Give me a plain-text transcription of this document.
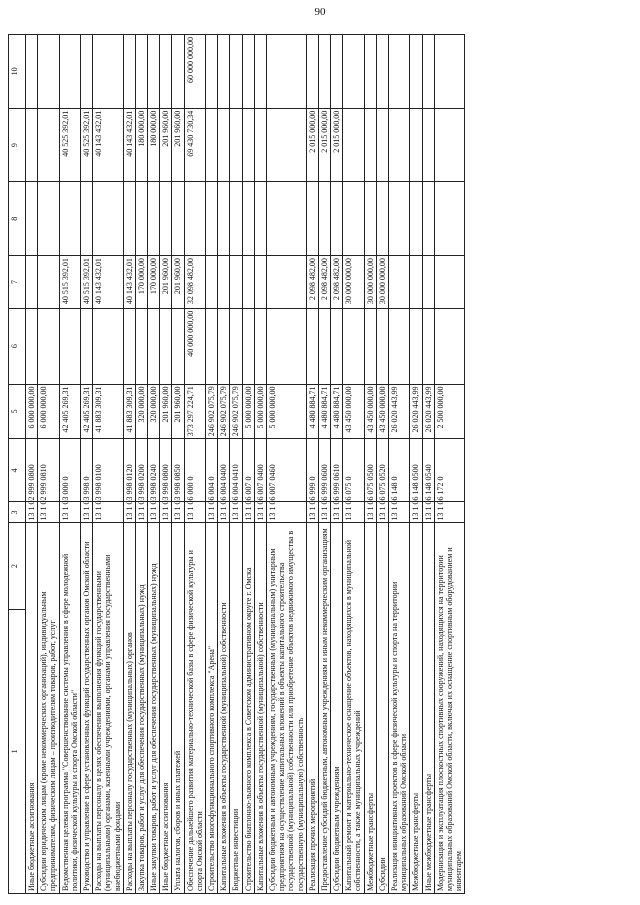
90
1	2	3	4	5	6	7	8	9	10
Иные бюджетные ассигнования		13 1 02 999 0	800	6 000 000,00					
Субсидии юридическим лицам (кроме некоммерческих организаций), индивидуальным предпринимателям, физическим лицам – производителям товаров, работ, услуг		13 1 02 999 0	810	6 000 000,00					
Ведомственная целевая программа "Совершенствование системы управления в сфере молодежной политики, физической культуры и спорта Омской области"		13 1 03 000 0		42 405 269,31		40 515 392,01		40 525 392,01	
Руководство и управление в сфере установленных функций государственных органов Омской области		13 1 03 998 0		42 405 269,31		40 515 392,01		40 525 392,01	
Расходы на выплаты персоналу в целях обеспечения выполнения функций государственными (муниципальными) органами, казенными учреждениями, органами управления государственными внебюджетными фондами		13 1 03 998 0	100	41 883 309,31		40 143 432,01		40 143 432,01	
Расходы на выплаты персоналу государственных (муниципальных) органов		13 1 03 998 0	120	41 883 309,31		40 143 432,01		40 143 432,01	
Закупка товаров, работ и услуг для обеспечения государственных (муниципальных) нужд		13 1 03 998 0	200	320 000,00		170 000,00		180 000,00	
Иные закупки товаров, работ и услуг для обеспечения государственных (муниципальных) нужд		13 1 03 998 0	240	320 000,00		170 000,00		180 000,00	
Иные бюджетные ассигнования		13 1 03 998 0	800	201 960,00		201 960,00		201 960,00	
Уплата налогов, сборов и иных платежей		13 1 03 998 0	850	201 960,00		201 960,00		201 960,00	
Обеспечение дальнейшего развития материально-технической базы в сфере физической культуры и спорта Омской области		13 1 06 000 0		373 297 224,71	40 000 000,00	32 098 482,00		69 430 730,34	60 000 000,00
Строительство многофункционального спортивного комплекса "Арена"		13 1 06 004 0		246 902 075,79					
Капитальные вложения в объекты государственной (муниципальной) собственности		13 1 06 004 0	400	246 902 075,79					
Бюджетные инвестиции		13 1 06 004 0	410	246 902 075,79					
Строительство биатлонно-лыжного комплекса в Советском административном округе г. Омска		13 1 06 007 0		5 000 000,00					
Капитальные вложения в объекты государственной (муниципальной) собственности		13 1 06 007 0	400	5 000 000,00					
Субсидии бюджетным и автономным учреждениям, государственным (муниципальным) унитарным предприятиям на осуществление капитальных вложений в объекты капитального строительства государственной (муниципальной) собственности или приобретение объектов недвижимого имущества в государственную (муниципальную) собственность		13 1 06 007 0	460	5 000 000,00					
Реализация прочих мероприятий		13 1 06 999 0		4 480 884,71		2 098 482,00		2 015 000,00	
Предоставление субсидий бюджетным, автономным учреждениям и иным некоммерческим организациям		13 1 06 999 0	600	4 480 884,71		2 098 482,00		2 015 000,00	
Субсидии бюджетным учреждениям		13 1 06 999 0	610	4 480 884,71		2 098 482,00		2 015 000,00	
Капитальный ремонт и материально-техническое оснащение объектов, находящихся в муниципальной собственности, а также муниципальных учреждений		13 1 06 075 0		43 450 000,00		30 000 000,00			
Межбюджетные трансферты		13 1 06 075 0	500	43 450 000,00		30 000 000,00			
Субсидии		13 1 06 075 0	520	43 450 000,00		30 000 000,00			
Реализация инициативных проектов в сфере физической культуры и спорта на территории муниципальных образований Омской области		13 1 06 148 0		26 020 443,99					
Межбюджетные трансферты		13 1 06 148 0	500	26 020 443,99					
Иные межбюджетные трансферты		13 1 06 148 0	540	26 020 443,99					
Модернизация и эксплуатация плоскостных спортивных сооружений, находящихся на территории муниципальных образований Омской области, включая их оснащение спортивным оборудованием и инвентарем		13 1 06 172 0		2 500 000,00					
